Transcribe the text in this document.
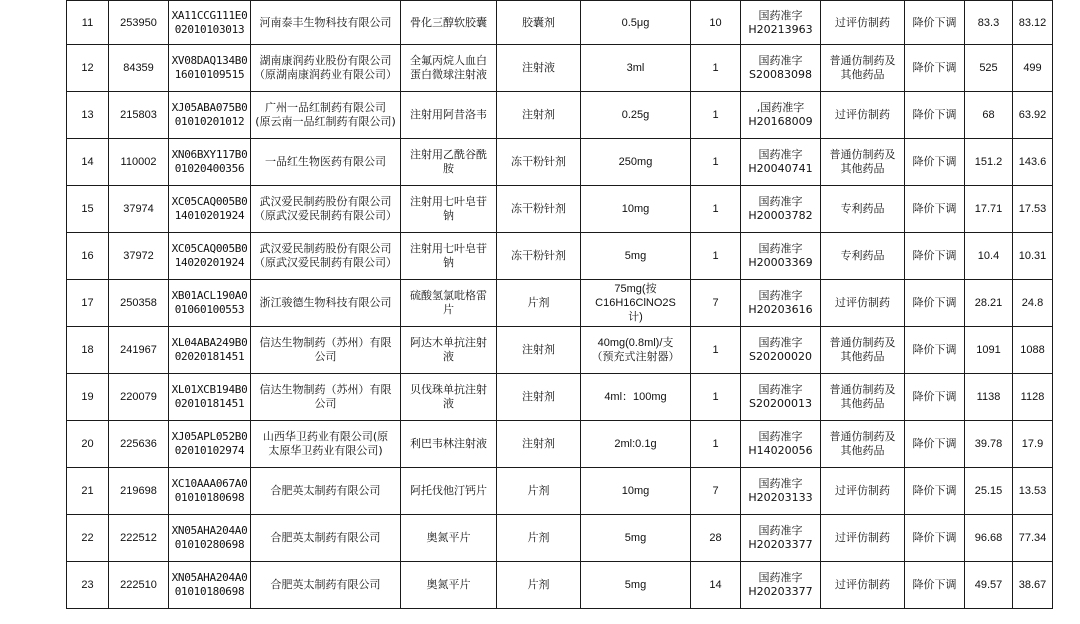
11	253950	XA11CCG111E0
02010103013	河南泰丰生物科技有限公司	骨化三醇软胶囊	胶囊剂	0.5μg	10	国药准字
H20213963	过评仿制药	降价下调	83.3	83.12
12	84359	XV08DAQ134B0
16010109515	湖南康润药业股份有限公司
（原湖南康润药业有限公司）	全氟丙烷人血白
蛋白微球注射液	注射液	3ml	1	国药准字
S20083098	普通仿制药及
其他药品	降价下调	525	499
13	215803	XJ05ABA075B0
01010201012	广州一品红制药有限公司
(原云南一品红制药有限公司)	注射用阿昔洛韦	注射剂	0.25g	1	,国药准字
H20168009	过评仿制药	降价下调	68	63.92
14	110002	XN06BXY117B0
01020400356	一品红生物医药有限公司	注射用乙酰谷酰
胺	冻干粉针剂	250mg	1	国药准字
H20040741	普通仿制药及
其他药品	降价下调	151.2	143.6
15	37974	XC05CAQ005B0
14010201924	武汉爱民制药股份有限公司
（原武汉爱民制药有限公司）	注射用七叶皂苷
钠	冻干粉针剂	10mg	1	国药准字
H20003782	专利药品	降价下调	17.71	17.53
16	37972	XC05CAQ005B0
14020201924	武汉爱民制药股份有限公司
（原武汉爱民制药有限公司）	注射用七叶皂苷
钠	冻干粉针剂	5mg	1	国药准字
H20003369	专利药品	降价下调	10.4	10.31
17	250358	XB01ACL190A0
01060100553	浙江骏德生物科技有限公司	硫酸氢氯吡格雷
片	片剂	75mg(按
C16H16ClNO2S
计)	7	国药准字
H20203616	过评仿制药	降价下调	28.21	24.8
18	241967	XL04ABA249B0
02020181451	信达生物制药（苏州）有限
公司	阿达木单抗注射
液	注射剂	40mg(0.8ml)/支
（预充式注射器）	1	国药准字
S20200020	普通仿制药及
其他药品	降价下调	1091	1088
19	220079	XL01XCB194B0
02010181451	信达生物制药（苏州）有限
公司	贝伐珠单抗注射
液	注射剂	4ml：100mg	1	国药准字
S20200013	普通仿制药及
其他药品	降价下调	1138	1128
20	225636	XJ05APL052B0
02010102974	山西华卫药业有限公司(原
太原华卫药业有限公司)	利巴韦林注射液	注射剂	2ml:0.1g	1	国药准字
H14020056	普通仿制药及
其他药品	降价下调	39.78	17.9
21	219698	XC10AAA067A0
01010180698	合肥英太制药有限公司	阿托伐他汀钙片	片剂	10mg	7	国药准字
H20203133	过评仿制药	降价下调	25.15	13.53
22	222512	XN05AHA204A0
01010280698	合肥英太制药有限公司	奥氮平片	片剂	5mg	28	国药准字
H20203377	过评仿制药	降价下调	96.68	77.34
23	222510	XN05AHA204A0
01010180698	合肥英太制药有限公司	奥氮平片	片剂	5mg	14	国药准字
H20203377	过评仿制药	降价下调	49.57	38.67
